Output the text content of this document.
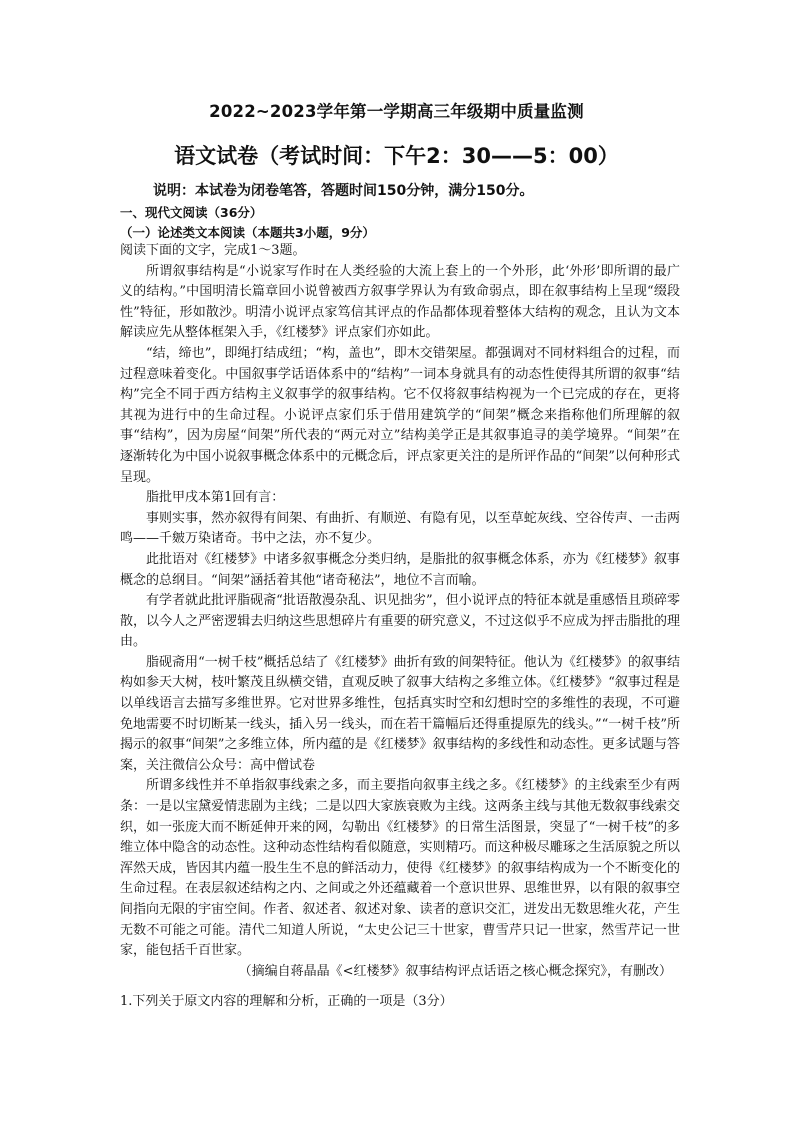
2022~2023学年第一学期高三年级期中质量监测
语文试卷（考试时间：下午2：30——5：00）
说明：本试卷为闭卷笔答，答题时间150分钟，满分150分。
一、现代文阅读（36分）
（一）论述类文本阅读（本题共3小题，9分）

阅读下面的文字，完成1～3题。

所谓叙事结构是“小说家写作时在人类经验的大流上套上的一个外形，此‘外形’即所谓的最广义的结构。”中国明清长篇章回小说曾被西方叙事学界认为有致命弱点，即在叙事结构上呈现“缀段性”特征，形如散沙。明清小说评点家笃信其评点的作品都体现着整体大结构的观念，且认为文本解读应先从整体框架入手，《红楼梦》评点家们亦如此。

“结，缔也”，即绳打结成纽；“构，盖也”，即木交错架屋。都强调对不同材料组合的过程，而过程意味着变化。中国叙事学话语体系中的“结构”一词本身就具有的动态性使得其所谓的叙事“结构”完全不同于西方结构主义叙事学的叙事结构。它不仅将叙事结构视为一个已完成的存在，更将其视为进行中的生命过程。小说评点家们乐于借用建筑学的“间架”概念来指称他们所理解的叙事“结构”，因为房屋“间架”所代表的“两元对立”结构美学正是其叙事追寻的美学境界。“间架”在逐渐转化为中国小说叙事概念体系中的元概念后，评点家更关注的是所评作品的“间架”以何种形式呈现。

脂批甲戌本第1回有言：

事则实事，然亦叙得有间架、有曲折、有顺逆、有隐有见，以至草蛇灰线、空谷传声、一击两鸣——千皴万染诸奇。书中之法，亦不复少。

此批语对《红楼梦》中诸多叙事概念分类归纳，是脂批的叙事概念体系，亦为《红楼梦》叙事概念的总纲目。“间架”涵括着其他“诸奇秘法”，地位不言而喻。

有学者就此批评脂砚斋“批语散漫杂乱、识见拙劣”，但小说评点的特征本就是重感悟且琐碎零散，以今人之严密逻辑去归纳这些思想碎片有重要的研究意义，不过这似乎不应成为抨击脂批的理由。

脂砚斋用“一树千枝”概括总结了《红楼梦》曲折有致的间架特征。他认为《红楼梦》的叙事结构如参天大树，枝叶繁茂且纵横交错，直观反映了叙事大结构之多维立体。《红楼梦》“叙事过程是以单线语言去描写多维世界。它对世界多维性，包括真实时空和幻想时空的多维性的表现，不可避免地需要不时切断某一线头，插入另一线头，而在若干篇幅后还得重提原先的线头。”“一树千枝”所揭示的叙事“间架”之多维立体，所内蕴的是《红楼梦》叙事结构的多线性和动态性。更多试题与答案，关注微信公众号：高中僧试卷

所谓多线性并不单指叙事线索之多，而主要指向叙事主线之多。《红楼梦》的主线索至少有两条：一是以宝黛爱情悲剧为主线；二是以四大家族衰败为主线。这两条主线与其他无数叙事线索交织，如一张庞大而不断延伸开来的网，勾勒出《红楼梦》的日常生活图景，突显了“一树千枝”的多维立体中隐含的动态性。这种动态性结构看似随意，实则精巧。而这种极尽雕琢之生活原貌之所以浑然天成，皆因其内蕴一股生生不息的鲜活动力，使得《红楼梦》的叙事结构成为一个不断变化的生命过程。在表层叙述结构之内、之间或之外还蕴藏着一个意识世界、思维世界，以有限的叙事空间指向无限的宇宙空间。作者、叙述者、叙述对象、读者的意识交汇，迸发出无数思维火花，产生无数不可能之可能。清代二知道人所说，“太史公记三十世家，曹雪芹只记一世家，然雪芹记一世家，能包括千百世家。

（摘编自蒋晶晶《<红楼梦》叙事结构评点话语之核心概念探究》，有删改）

1.下列关于原文内容的理解和分析，正确的一项是（3分）
